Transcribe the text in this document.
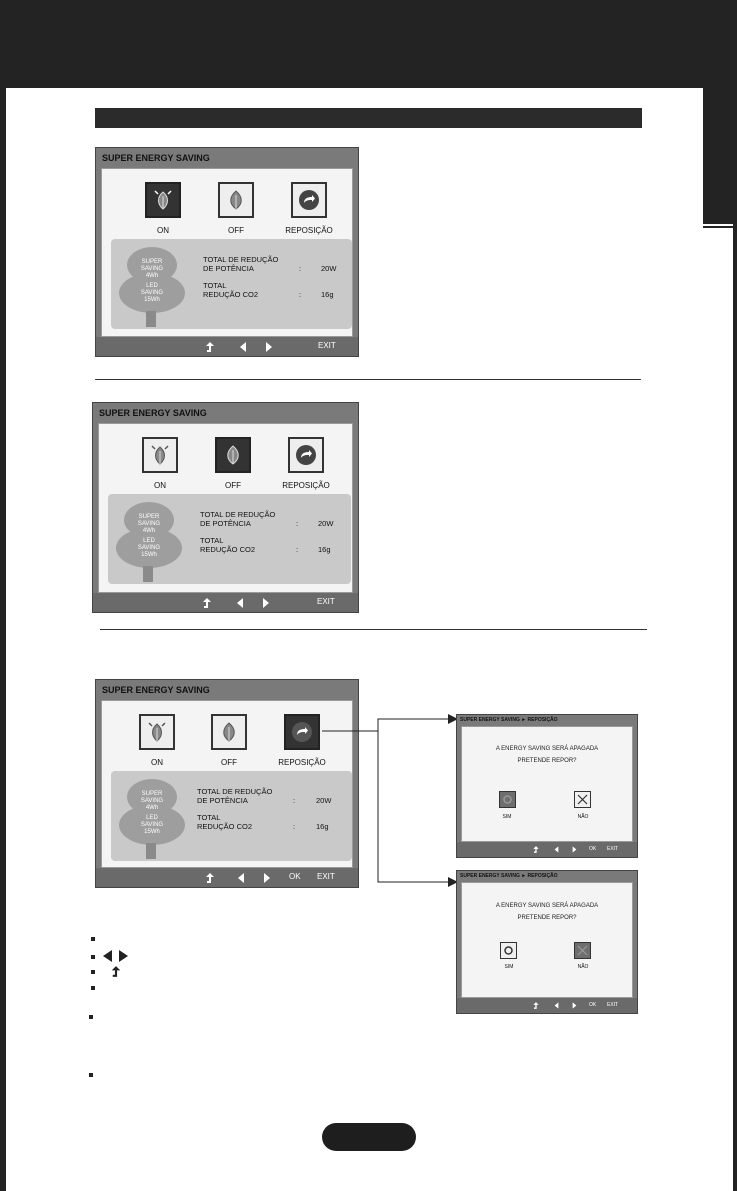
SUPER ENERGY SAVING
ON	OFF	REPOSIÇÃO
SUPER
SAVING
4Wh
LED
SAVING
15Wh
TOTAL DE REDUÇÃO
DE POTÊNCIA	:	20W
TOTAL
REDUÇÃO CO2	:	16g
EXIT
SUPER ENERGY SAVING
ON	OFF	REPOSIÇÃO
SUPER
SAVING
4Wh
LED
SAVING
15Wh
TOTAL DE REDUÇÃO
DE POTÊNCIA	:	20W
TOTAL
REDUÇÃO CO2	:	16g
EXIT
SUPER ENERGY SAVING
ON	OFF	REPOSIÇÃO
SUPER
SAVING
4Wh
LED
SAVING
15Wh
TOTAL DE REDUÇÃO
DE POTÊNCIA	:	20W
TOTAL
REDUÇÃO CO2	:	16g
OK EXIT
SUPER ENERGY SAVING ► REPOSIÇÃO
A ENERGY SAVING SERÁ APAGADA
PRETENDE REPOR?
SIM	NÃO
OK EXIT
SUPER ENERGY SAVING ► REPOSIÇÃO
A ENERGY SAVING SERÁ APAGADA
PRETENDE REPOR?
SIM	NÃO
OK EXIT
